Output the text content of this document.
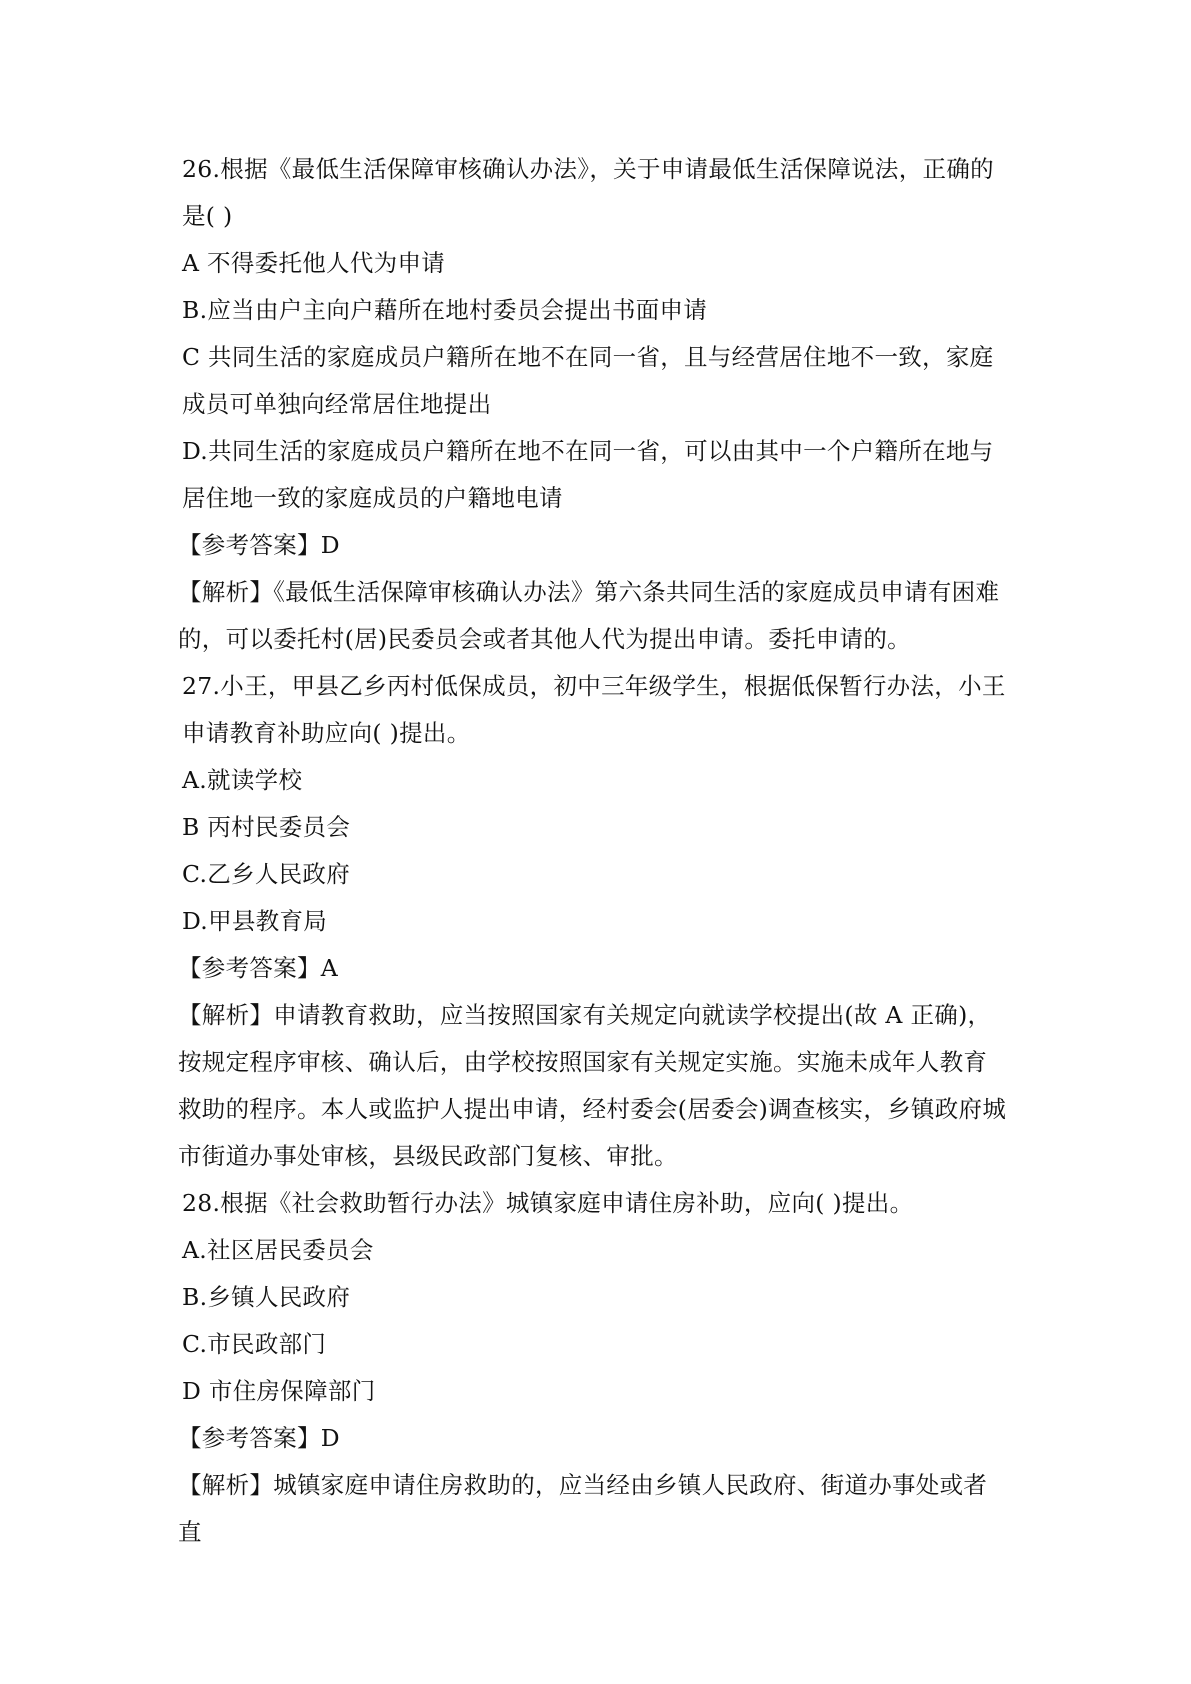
26.根据《最低生活保障审核确认办法》，关于申请最低生活保障说法，正确的是( )

A 不得委托他人代为申请

B.应当由户主向户藉所在地村委员会提出书面申请

C 共同生活的家庭成员户籍所在地不在同一省，且与经营居住地不一致，家庭成员可单独向经常居住地提出

D.共同生活的家庭成员户籍所在地不在同一省，可以由其中一个户籍所在地与居住地一致的家庭成员的户籍地电请

【参考答案】D

【解析】《最低生活保障审核确认办法》第六条共同生活的家庭成员申请有困难的，可以委托村(居)民委员会或者其他人代为提出申请。委托申请的。

27.小王，甲县乙乡丙村低保成员，初中三年级学生，根据低保暂行办法，小王申请教育补助应向( )提出。

A.就读学校

B 丙村民委员会

C.乙乡人民政府

D.甲县教育局

【参考答案】A

【解析】申请教育救助，应当按照国家有关规定向就读学校提出(故 A 正确)，按规定程序审核、确认后，由学校按照国家有关规定实施。实施未成年人教育救助的程序。本人或监护人提出申请，经村委会(居委会)调查核实，乡镇政府城市街道办事处审核，县级民政部门复核、审批。

28.根据《社会救助暂行办法》城镇家庭申请住房补助，应向( )提出。

A.社区居民委员会

B.乡镇人民政府

C.市民政部门

D 市住房保障部门

【参考答案】D

【解析】城镇家庭申请住房救助的，应当经由乡镇人民政府、街道办事处或者直
